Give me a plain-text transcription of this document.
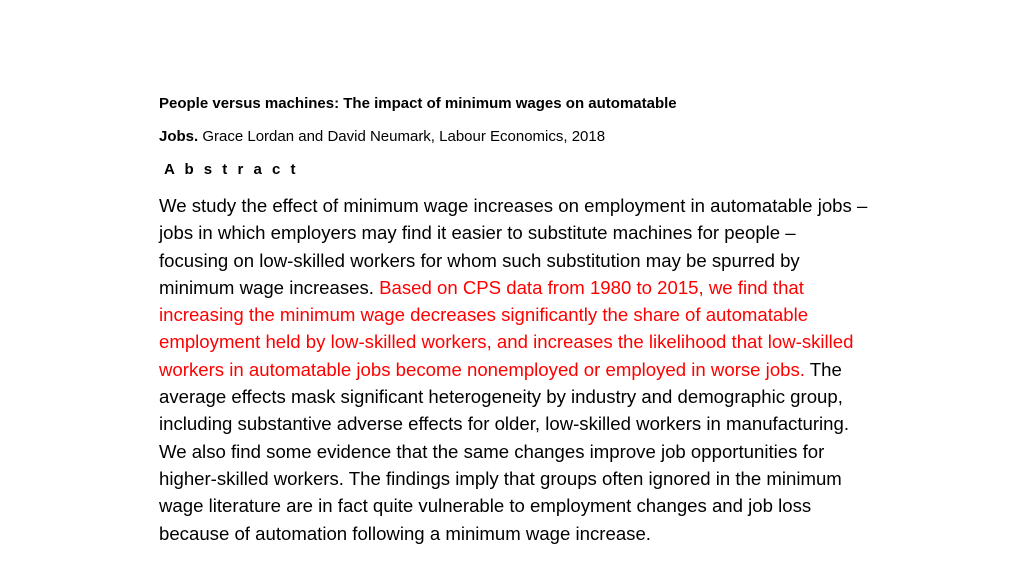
People versus machines: The impact of minimum wages on automatable
Jobs. Grace Lordan and David Neumark, Labour Economics, 2018
A b s t r a c t

We study the effect of minimum wage increases on employment in automatable jobs – jobs in which employers may find it easier to substitute machines for people – focusing on low-skilled workers for whom such substitution may be spurred by minimum wage increases. Based on CPS data from 1980 to 2015, we find that increasing the minimum wage decreases significantly the share of automatable employment held by low-skilled workers, and increases the likelihood that low-skilled workers in automatable jobs become nonemployed or employed in worse jobs. The average effects mask significant heterogeneity by industry and demographic group, including substantive adverse effects for older, low-skilled workers in manufacturing. We also find some evidence that the same changes improve job opportunities for higher-skilled workers. The findings imply that groups often ignored in the minimum wage literature are in fact quite vulnerable to employment changes and job loss because of automation following a minimum wage increase.
